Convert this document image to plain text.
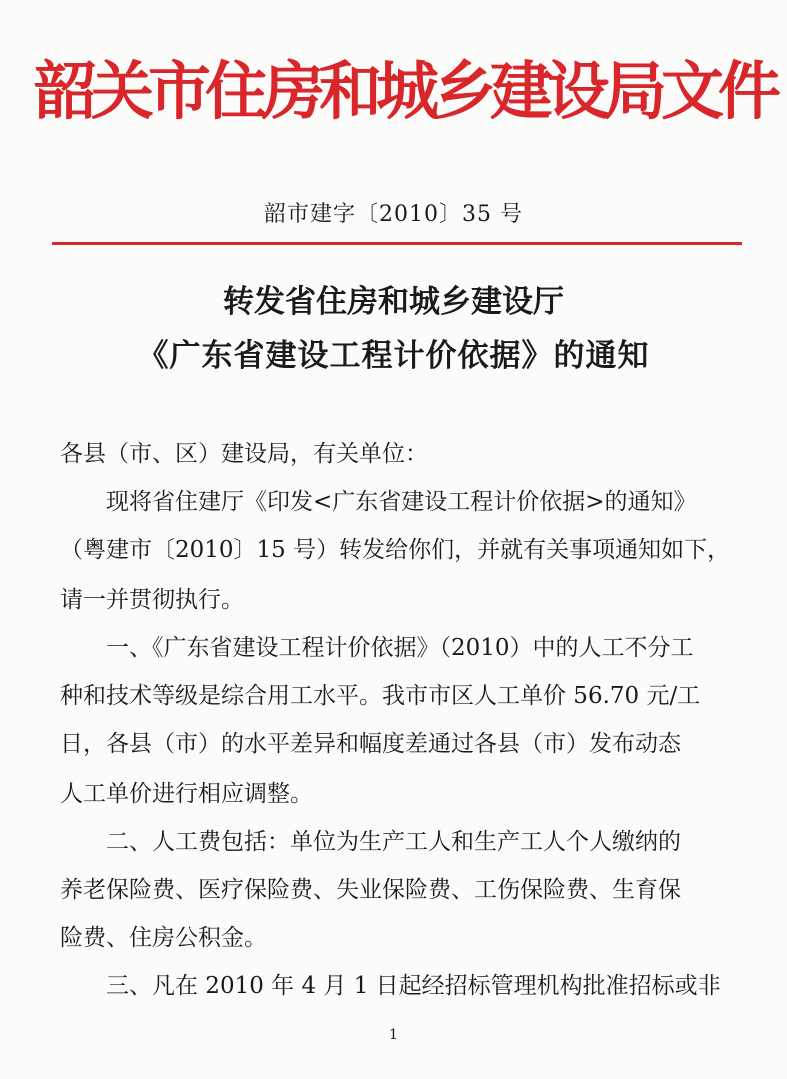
韶关市住房和城乡建设局文件
韶市建字〔2010〕35 号
转发省住房和城乡建设厅
《广东省建设工程计价依据》的通知
各县（市、区）建设局，有关单位：
　　现将省住建厅《印发<广东省建设工程计价依据>的通知》
（粤建市〔2010〕15 号）转发给你们，并就有关事项通知如下，
请一并贯彻执行。
　　一、《广东省建设工程计价依据》（2010）中的人工不分工
种和技术等级是综合用工水平。我市市区人工单价 56.70 元/工
日，各县（市）的水平差异和幅度差通过各县（市）发布动态
人工单价进行相应调整。
　　二、人工费包括：单位为生产工人和生产工人个人缴纳的
养老保险费、医疗保险费、失业保险费、工伤保险费、生育保
险费、住房公积金。
　　三、凡在 2010 年 4 月 1 日起经招标管理机构批准招标或非
1
